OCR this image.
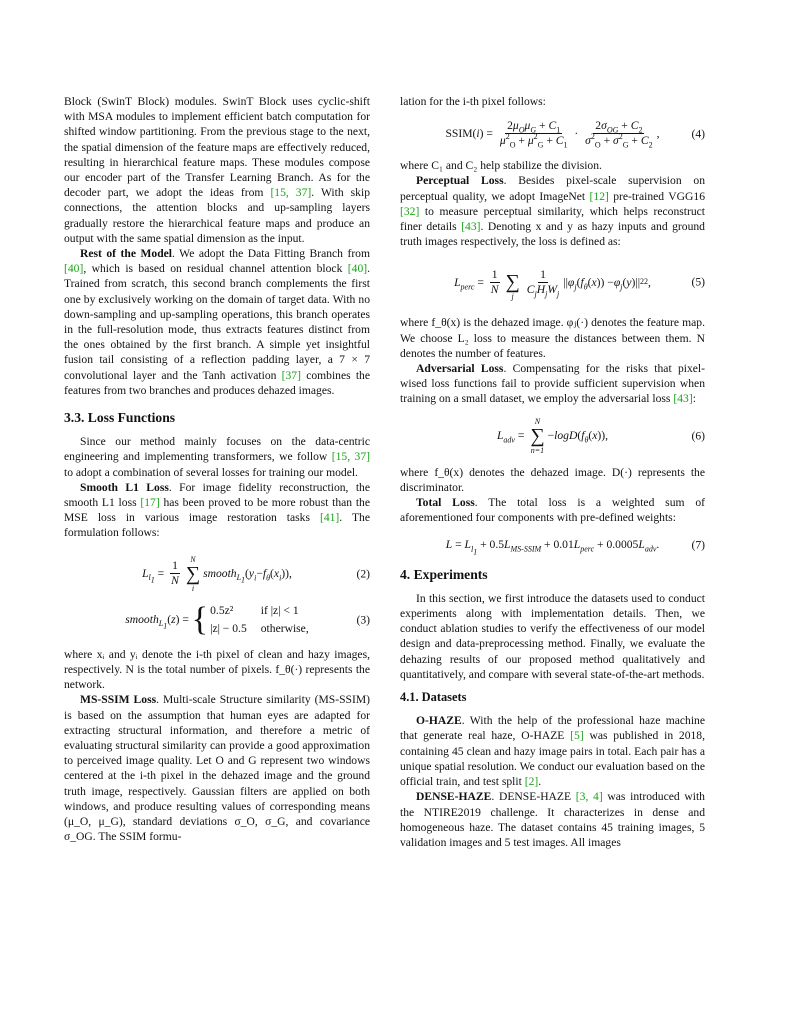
Block (SwinT Block) modules. SwinT Block uses cyclic-shift with MSA modules to implement efficient batch computation for shifted window partitioning. From the previous stage to the next, the spatial dimension of the feature maps are effectively reduced, resulting in hierarchical feature maps. These modules compose our encoder part of the Transfer Learning Branch. As for the decoder part, we adopt the ideas from [15, 37]. With skip connections, the attention blocks and up-sampling layers gradually restore the hierarchical feature maps and produce an output with the same spatial dimension as the input.

Rest of the Model. We adopt the Data Fitting Branch from [40], which is based on residual channel attention block [40]. Trained from scratch, this second branch complements the first one by exclusively working on the domain of target data. With no down-sampling and up-sampling operations, this branch operates in the full-resolution mode, thus extracts features distinct from the ones obtained by the first branch. A simple yet insightful fusion tail consisting of a reflection padding layer, a 7 × 7 convolutional layer and the Tanh activation [37] combines the features from two branches and produces dehazed images.

3.3. Loss Functions

Since our method mainly focuses on the data-centric engineering and implementing transformers, we follow [15, 37] to adopt a combination of several losses for training our model.

Smooth L1 Loss. For image fidelity reconstruction, the smooth L1 loss [17] has been proved to be more robust than the MSE loss in various image restoration tasks [41]. The formulation follows:

$L_{l_1}$
= $\frac{1}{N}$ N
∑
i
smooth$_{L_1}$
( $y_i - f_\theta$ ( $x_i$ )),	(2)
smooth$_{L_1}$
( z ) = { 0.5z²	if |z| < 1
|z| − 0.5 otherwise,
(3)

where xᵢ and yᵢ denote the i-th pixel of clean and hazy images, respectively. N is the total number of pixels. f_θ(·) represents the network.

MS-SSIM Loss. Multi-scale Structure similarity (MS-SSIM) is based on the assumption that human eyes are adapted for extracting structural information, and therefore a metric of evaluating structural similarity can provide a good approximation to perceived image quality. Let O and G represent two windows centered at the i-th pixel in the dehazed image and the ground truth image, respectively. Gaussian filters are applied on both windows, and produce resulting values of corresponding means (μ_O, μ_G), standard deviations σ_O, σ_G, and covariance σ_OG. The SSIM formu-

lation for the i-th pixel follows:

SSIM( i ) = $\frac{2\mu_O\mu_G + C_1}{\mu^2_O + \mu^2_G + C_1} \cdot \frac{2\sigma_{OG} + C_2}{\sigma^2_O + \sigma^2_G + C_2}$ ,	(4)

where C₁ and C₂ help stabilize the division.

Perceptual Loss. Besides pixel-scale supervision on perceptual quality, we adopt ImageNet [12] pre-trained VGG16 [32] to measure perceptual similarity, which helps reconstruct finer details [43]. Denoting x and y as hazy inputs and ground truth images respectively, the loss is defined as:

$L_{perc} = \frac{1}{N}$
∑
j $\frac{1}{C_jH_jW_j}$ || $\varphi_j$ ( $f_\theta$ ( x )) − $\varphi_j$ ( y )|| 2 2 ,	(5)

where f_θ(x) is the dehazed image. φⱼ(·) denotes the feature map. We choose L₂ loss to measure the distances between them. N denotes the number of features.

Adversarial Loss. Compensating for the risks that pixel-wised loss functions fail to provide sufficient supervision when training on a small dataset, we employ the adversarial loss [43]:

$L_{adv}$ =
N
∑
n=1
− logD ( $f_\theta$ ( x )),	(6)

where f_θ(x) denotes the dehazed image. D(·) represents the discriminator.

Total Loss. The total loss is a weighted sum of aforementioned four components with pre-defined weights:

$L = L_{l_1} + 0.5L_{MS-SSIM} + 0.01L_{perc} + 0.0005L_{adv}$.	(7)
4. Experiments

In this section, we first introduce the datasets used to conduct experiments along with implementation details. Then, we conduct ablation studies to verify the effectiveness of our model design and data-preprocessing method. Finally, we evaluate the dehazing results of our proposed method qualitatively and quantitatively, and compare with several state-of-the-art methods.

4.1. Datasets

O-HAZE. With the help of the professional haze machine that generate real haze, O-HAZE [5] was published in 2018, containing 45 clean and hazy image pairs in total. Each pair has a unique spatial resolution. We conduct our evaluation based on the official train, and test split [2].

DENSE-HAZE. DENSE-HAZE [3, 4] was introduced with the NTIRE2019 challenge. It characterizes in dense and homogeneous haze. The dataset contains 45 training images, 5 validation images and 5 test images. All images
